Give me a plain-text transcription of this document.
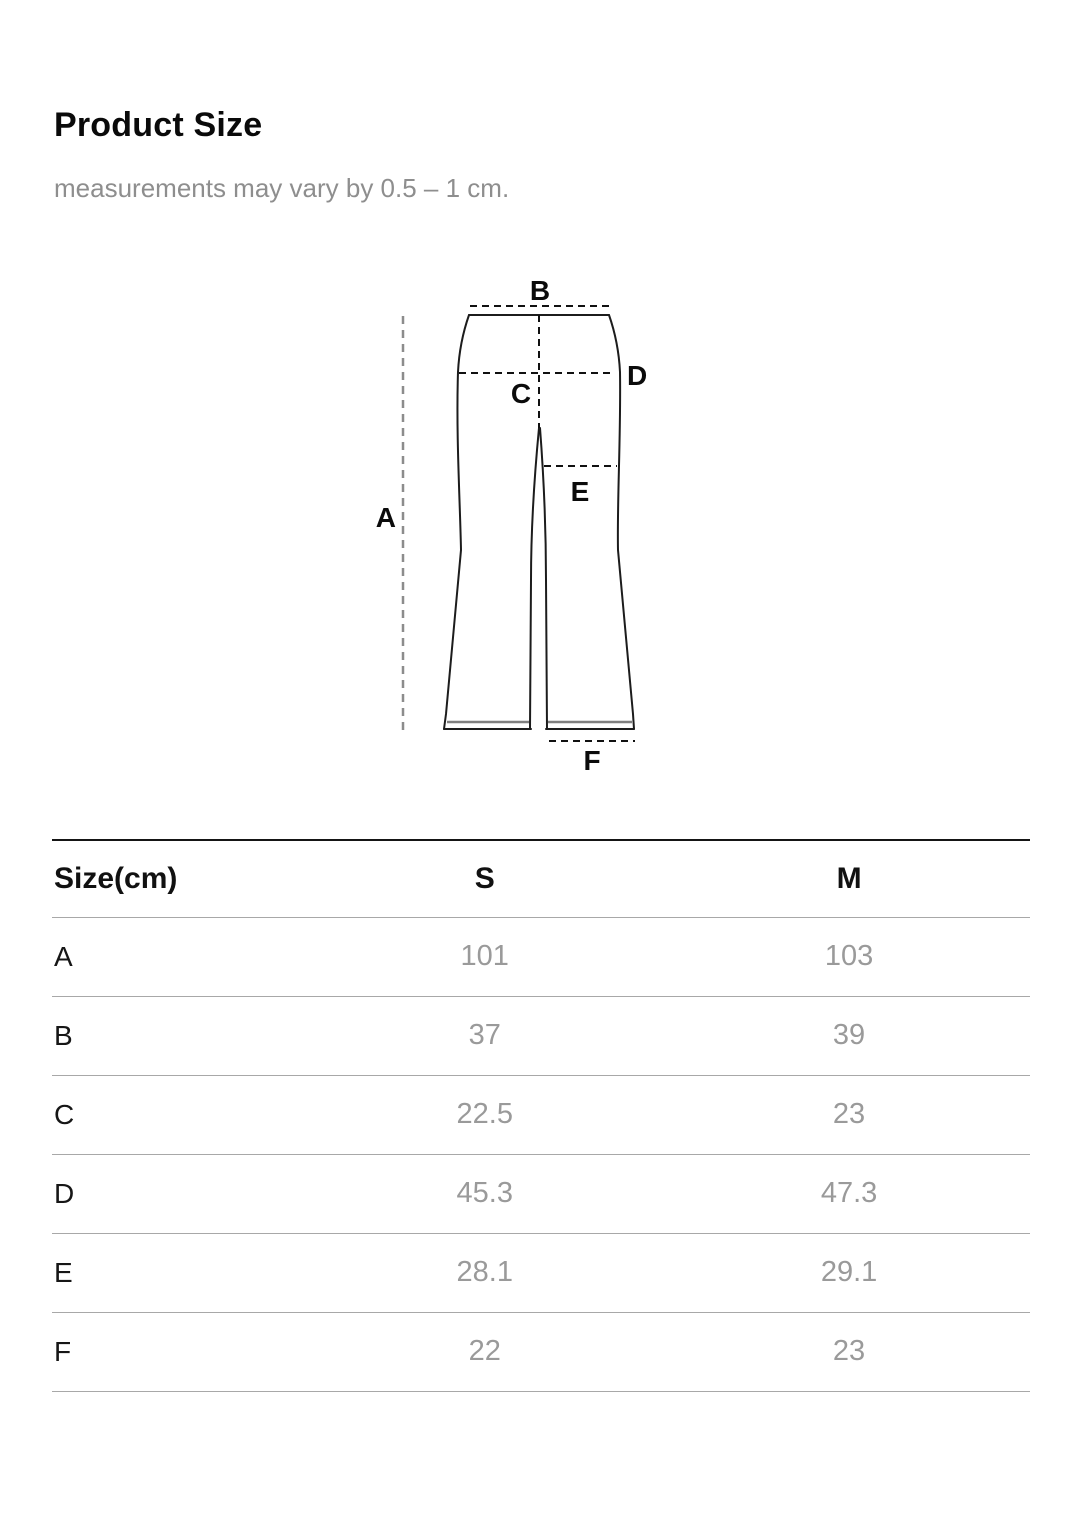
Product Size

measurements may vary by 0.5 – 1 cm.

A
B
C
D
E
F
Size(cm)	S	M
A	101	103
B	37	39
C	22.5	23
D	45.3	47.3
E	28.1	29.1
F	22	23
